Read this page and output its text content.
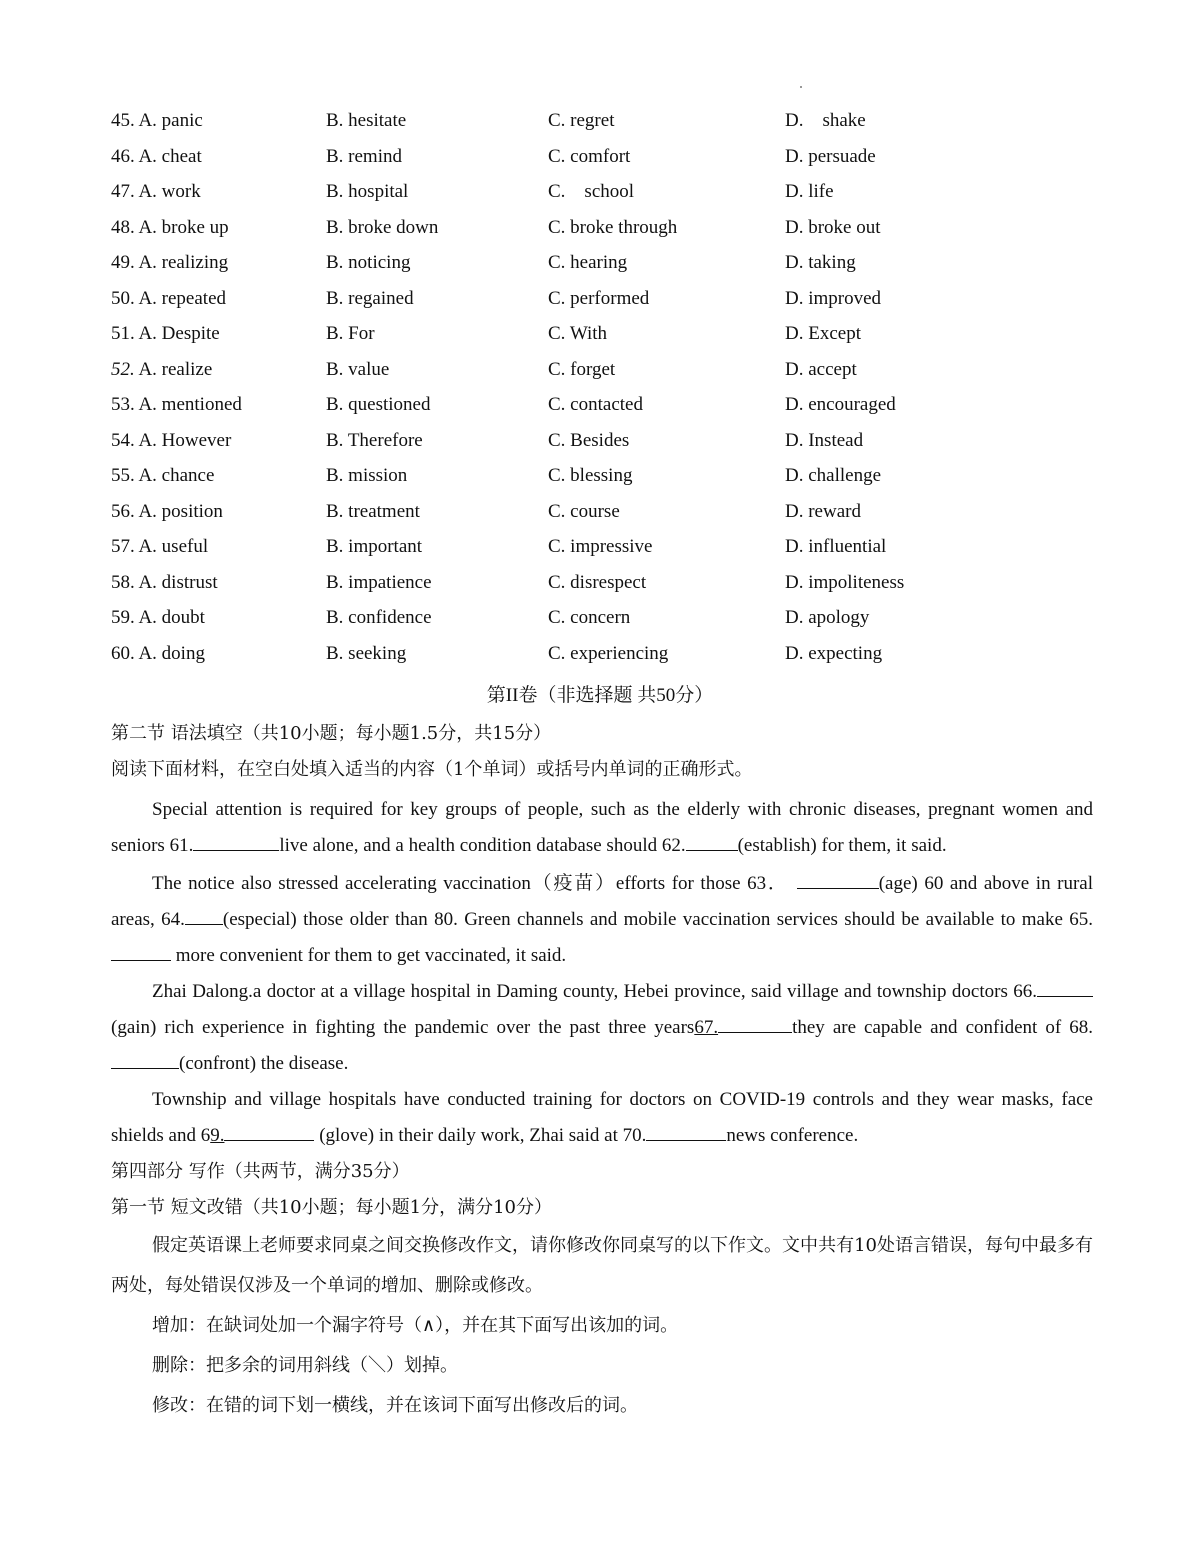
45. A. panic	B. hesitate	C. regret	D.    shake
46. A. cheat	B. remind	C. comfort	D. persuade
47. A. work	B. hospital	C.    school	D. life
48. A. broke up	B. broke down	C. broke through	D. broke out
49. A. realizing	B. noticing	C. hearing	D. taking
50. A. repeated	B. regained	C. performed	D. improved
51. A. Despite	B. For	C. With	D. Except
52. A. realize	B. value	C. forget	D. accept
53. A. mentioned	B. questioned	C. contacted	D. encouraged
54. A. However	B. Therefore	C. Besides	D. Instead
55. A. chance	B. mission	C. blessing	D. challenge
56. A. position	B. treatment	C. course	D. reward
57. A. useful	B. important	C. impressive	D. influential
58. A. distrust	B. impatience	C. disrespect	D. impoliteness
59. A. doubt	B. confidence	C. concern	D. apology
60. A. doing	B. seeking	C. experiencing	D. expecting
第II卷（非选择题 共50分）
第二节 语法填空（共10小题；每小题1.5分，共15分）
阅读下面材料，在空白处填入适当的内容（1个单词）或括号内单词的正确形式。
Special attention is required for key groups of people, such as the elderly with chronic diseases, pregnant women and seniors 61.	live alone, and a health condition database should 62.	(establish) for them, it said.
The notice also stressed accelerating vaccination（疫苗）efforts for those 63．	(age) 60 and above in rural areas, 64. (especial) those older than 80. Green channels and mobile vaccination services should be available to make 65. more convenient for them to get vaccinated, it said.
Zhai Dalong.a doctor at a village hospital in Daming county, Hebei province, said village and township doctors 66.(gain) rich experience in fighting the pandemic over the past three years67.	they are capable and confident of 68.(confront) the disease.
Township and village hospitals have conducted training for doctors on COVID-19 controls and they wear masks, face shields and 69.	(glove) in their daily work, Zhai said at 70.	news conference.
第四部分 写作（共两节，满分35分）
第一节 短文改错（共10小题；每小题1分，满分10分）
假定英语课上老师要求同桌之间交换修改作文，请你修改你同桌写的以下作文。文中共有10处语言错误，每句中最多有两处，每处错误仅涉及一个单词的增加、删除或修改。
增加：在缺词处加一个漏字符号（∧），并在其下面写出该加的词。
删除：把多余的词用斜线（＼）划掉。
修改：在错的词下划一横线，并在该词下面写出修改后的词。
